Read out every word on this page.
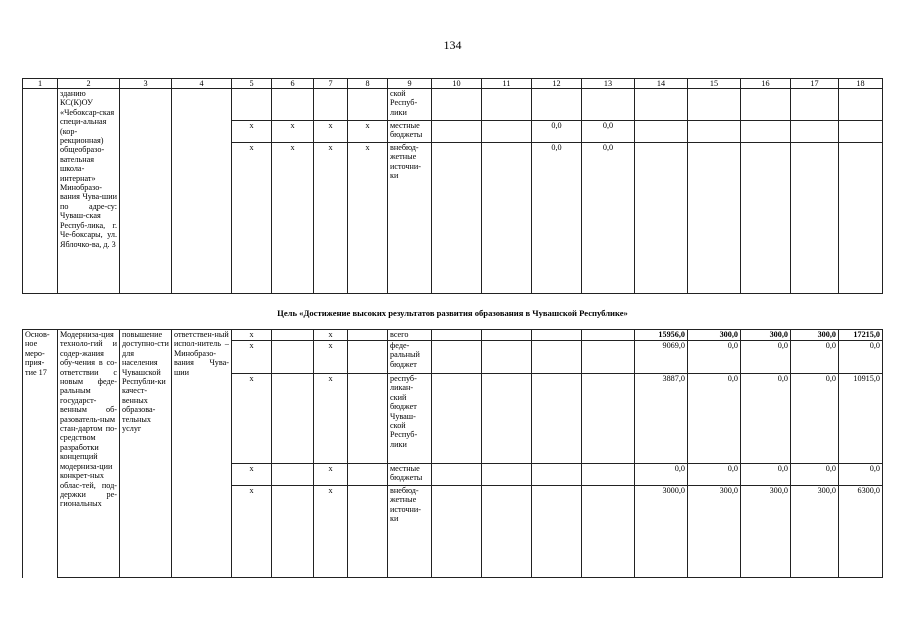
134
1	2	3	4	5	6	7	8	9	10	11	12	13	14	15	16	17	18
	зданию КС(К)ОУ «Чебоксар-ская специ-альная (кор-рекционная) общеобразо-вательная школа-интернат» Минобразо-вания Чува-шии по адре-су: Чуваш-ская Респуб-лика, г. Че-боксары, ул. Яблочко-ва, д. 3							ской Респуб-лики									
				х	х	х	х	местные бюджеты			0,0	0,0					
				х	х	х	х	внебюд-жетные источни-ки			0,0	0,0					
Цель «Достижение высоких результатов развития образования в Чувашской Республике»
Основ-ное меро-прия-тие 17	Модерниза-ция техноло-гий и содер-жания обу-чения в со-ответствии с новым феде-ральным государст-венным об-разователь-ным стан-дартом по-средством разработки концепций модерниза-ции конкрет-ных облас-тей, под-держки ре-гиональных	повышение доступно-сти для населения Чувашской Республи-ки качест-венных образова-тельных услуг	ответствен-ный испол-нитель – Минобразо-вания Чува-шии	х		х		всего					15956,0	300,0	300,0	300,0	17215,0
				х		х		феде-ральный бюджет					9069,0	0,0	0,0	0,0	0,0
				х		х		респуб-ликан-ский бюджет Чуваш-ской Респуб-лики					3887,0	0,0	0,0	0,0	10915,0
				х		х		местные бюджеты					0,0	0,0	0,0	0,0	0,0
				х		х		внебюд-жетные источни-ки					3000,0	300,0	300,0	300,0	6300,0
